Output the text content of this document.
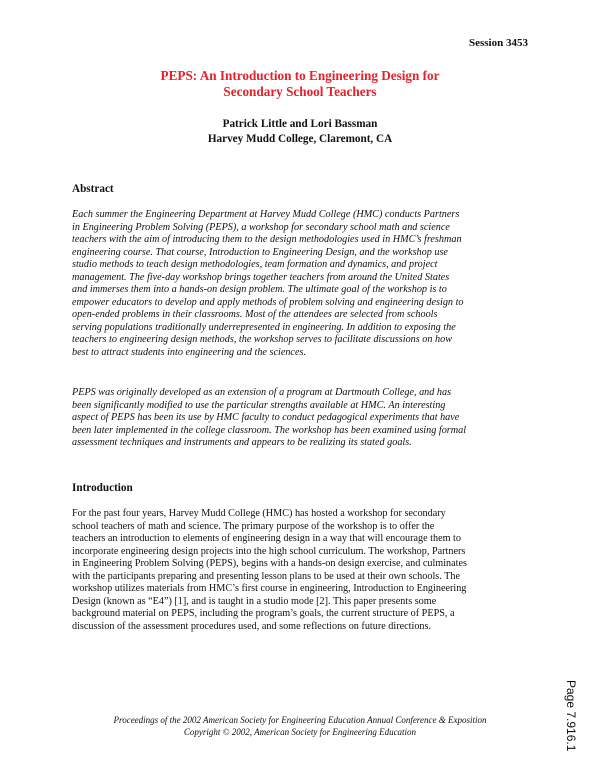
Session 3453
PEPS: An Introduction to Engineering Design for
Secondary School Teachers
Patrick Little and Lori Bassman
Harvey Mudd College, Claremont, CA
Abstract
Each summer the Engineering Department at Harvey Mudd College (HMC) conducts Partners
in Engineering Problem Solving (PEPS), a workshop for secondary school math and science
teachers with the aim of introducing them to the design methodologies used in HMC’s freshman
engineering course. That course, Introduction to Engineering Design, and the workshop use
studio methods to teach design methodologies, team formation and dynamics, and project
management. The five-day workshop brings together teachers from around the United States
and immerses them into a hands-on design problem. The ultimate goal of the workshop is to
empower educators to develop and apply methods of problem solving and engineering design to
open-ended problems in their classrooms. Most of the attendees are selected from schools
serving populations traditionally underrepresented in engineering. In addition to exposing the
teachers to engineering design methods, the workshop serves to facilitate discussions on how
best to attract students into engineering and the sciences.
PEPS was originally developed as an extension of a program at Dartmouth College, and has
been significantly modified to use the particular strengths available at HMC. An interesting
aspect of PEPS has been its use by HMC faculty to conduct pedagogical experiments that have
been later implemented in the college classroom. The workshop has been examined using formal
assessment techniques and instruments and appears to be realizing its stated goals.
Introduction
For the past four years, Harvey Mudd College (HMC) has hosted a workshop for secondary
school teachers of math and science. The primary purpose of the workshop is to offer the
teachers an introduction to elements of engineering design in a way that will encourage them to
incorporate engineering design projects into the high school curriculum. The workshop, Partners
in Engineering Problem Solving (PEPS), begins with a hands-on design exercise, and culminates
with the participants preparing and presenting lesson plans to be used at their own schools. The
workshop utilizes materials from HMC’s first course in engineering, Introduction to Engineering
Design (known as “E4”) [1], and is taught in a studio mode [2]. This paper presents some
background material on PEPS, including the program’s goals, the current structure of PEPS, a
discussion of the assessment procedures used, and some reflections on future directions.
Proceedings of the 2002 American Society for Engineering Education Annual Conference & Exposition
Copyright © 2002, American Society for Engineering Education	Page 7.916.1
